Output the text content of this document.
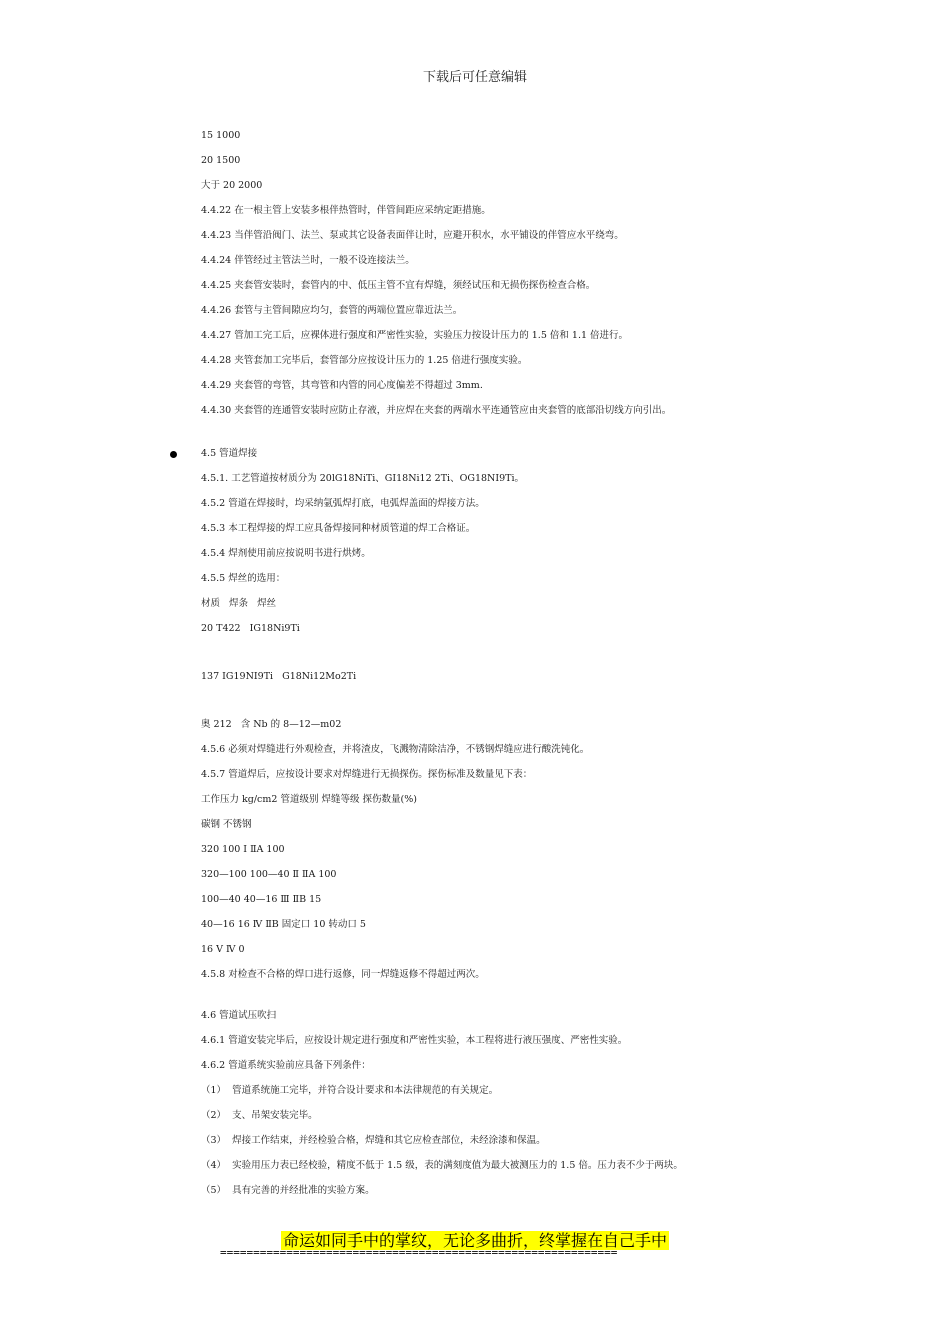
下载后可任意编辑
15 1000
20 1500
大于 20 2000
4.4.22 在一根主管上安装多根伴热管时，伴管间距应采纳定距措施。
4.4.23 当伴管沿阀门、法兰、泵或其它设备表面伴让时，应避开积水，水平铺设的伴管应水平绕弯。
4.4.24 伴管经过主管法兰时，一般不设连接法兰。
4.4.25 夹套管安装时，套管内的中、低压主管不宜有焊缝，须经试压和无损伤探伤检查合格。
4.4.26 套管与主管间隙应均匀，套管的两端位置应靠近法兰。
4.4.27 管加工完工后，应裸体进行强度和严密性实验，实验压力按设计压力的 1.5 倍和 1.1 倍进行。
4.4.28 夹管套加工完毕后，套管部分应按设计压力的 1.25 倍进行强度实验。
4.4.29 夹套管的弯管，其弯管和内管的同心度偏差不得超过 3mm.
4.4.30 夹套管的连通管安装时应防止存液，并应焊在夹套的两端水平连通管应由夹套管的底部沿切线方向引出。
4.5 管道焊接
4.5.1. 工艺管道按材质分为 20lG18NiTi、GI18Ni12 2Ti、OG18NI9Ti。
4.5.2 管道在焊接时，均采纳氩弧焊打底，电弧焊盖面的焊接方法。
4.5.3 本工程焊接的焊工应具备焊接同种材质管道的焊工合格证。
4.5.4 焊剂使用前应按说明书进行烘烤。
4.5.5 焊丝的选用：
材质   焊条   焊丝
20 T422   IG18Ni9Ti
137 IG19NI9Ti   G18Ni12Mo2Ti
奥 212   含 Nb 的 8—12—m02
4.5.6 必须对焊缝进行外观检查，并将渣皮，飞溅物清除洁净，不锈钢焊缝应进行酸洗钝化。
4.5.7 管道焊后，应按设计要求对焊缝进行无损探伤。探伤标准及数量见下表：
工作压力 kg/cm2 管道级别 焊缝等级 探伤数量(%)
碳钢 不锈钢
320 100 Ⅰ ⅡA 100
320—100 100—40 Ⅱ ⅡA 100
100—40 40—16 Ⅲ ⅡB 15
40—16 16 Ⅳ ⅡB 固定口 10 转动口 5
16 Ⅴ Ⅳ 0
4.5.8 对检查不合格的焊口进行返修，同一焊缝返修不得超过两次。
4.6 管道试压吹扫
4.6.1 管道安装完毕后，应按设计规定进行强度和严密性实验，本工程将进行液压强度、严密性实验。
4.6.2 管道系统实验前应具备下列条件：
（1）  管道系统施工完毕，并符合设计要求和本法律规范的有关规定。
（2）  支、吊架安装完毕。
（3）  焊接工作结束，并经检验合格，焊缝和其它应检查部位，未经涂漆和保温。
（4）  实验用压力表已经校验，精度不低于 1.5 级，表的满刻度值为最大被测压力的 1.5 倍。压力表不少于两块。
（5）  具有完善的并经批准的实验方案。
命运如同手中的掌纹，无论多曲折，终掌握在自己手中
============================================================
